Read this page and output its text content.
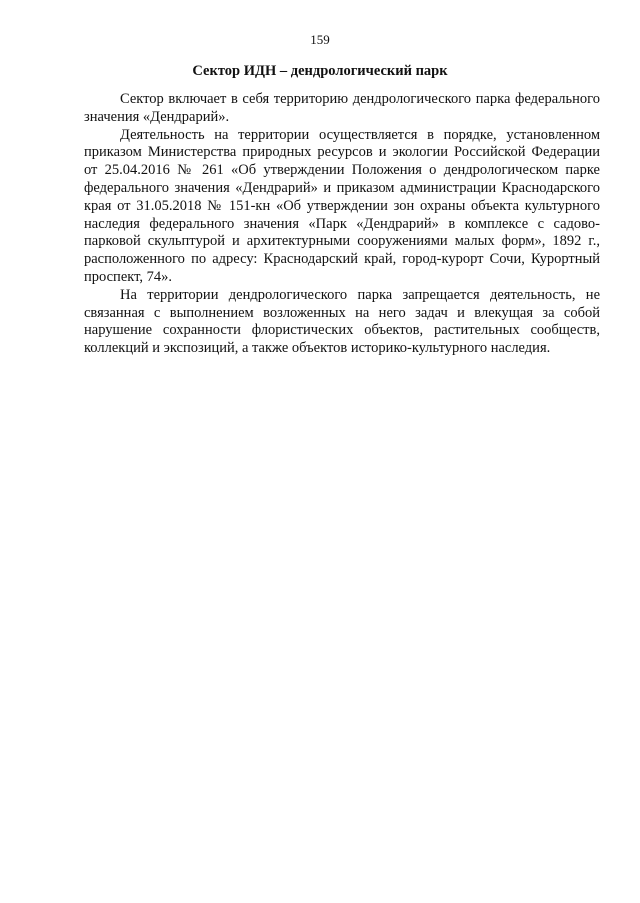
159
Сектор ИДН – дендрологический парк

Сектор включает в себя территорию дендрологического парка федерального значения «Дендрарий».

Деятельность на территории осуществляется в порядке, установленном приказом Министерства природных ресурсов и экологии Российской Федерации от 25.04.2016 № 261 «Об утверждении Положения о дендрологическом парке федерального значения «Дендрарий» и приказом администрации Краснодарского края от 31.05.2018 № 151-кн «Об утверждении зон охраны объекта культурного наследия федерального значения «Парк «Дендрарий» в комплексе с садово-парковой скульптурой и архитектурными сооружениями малых форм», 1892 г., расположенного по адресу: Краснодарский край, город-курорт Сочи, Курортный проспект, 74».

На территории дендрологического парка запрещается деятельность, не связанная с выполнением возложенных на него задач и влекущая за собой нарушение сохранности флористических объектов, растительных сообществ, коллекций и экспозиций, а также объектов историко-культурного наследия.
